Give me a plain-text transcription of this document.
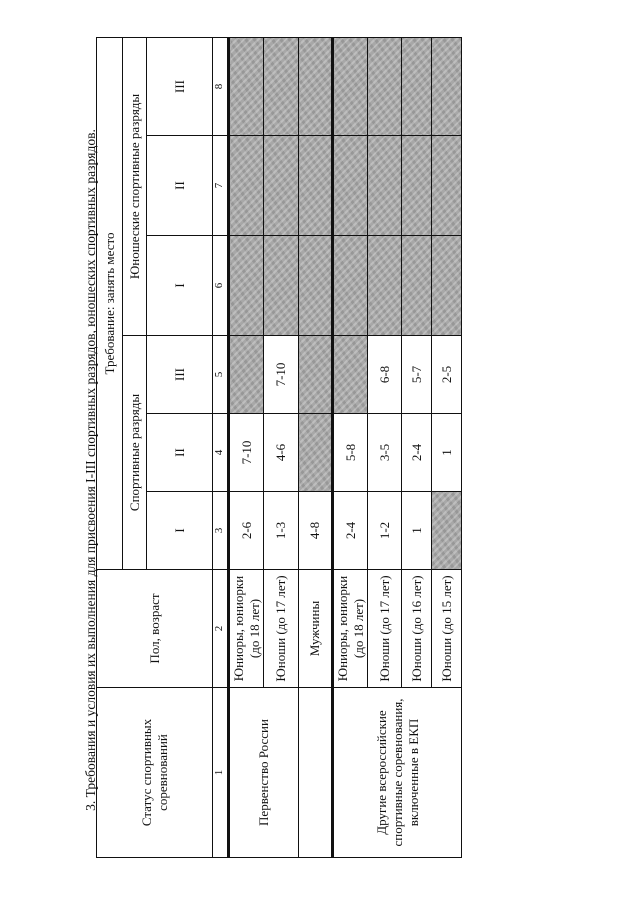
3. Требования и условия их выполнения для присвоения I-III спортивных разрядов, юношеских спортивных разрядов.	Статус спортивных соревнований	Пол, возраст	Требование: занять место					
		Спортивные разряды			Юношеские спортивные разряды		
		I	II	III	I	II	III
1	2	3	4	5	6	7	8
Первенство России	Юниоры, юниорки (до 18 лет)	2-6	7-10				
	Юноши (до 17 лет)	1-3	4-6	7-10			
	Мужчины	4-8					
Другие всероссийские спортивные соревнования, включенные в ЕКП	Юниоры, юниорки (до 18 лет)	2-4	5-8				
	Юноши (до 17 лет)	1-2	3-5	6-8			
	Юноши (до 16 лет)	1	2-4	5-7			
	Юноши (до 15 лет)		1	2-5			
